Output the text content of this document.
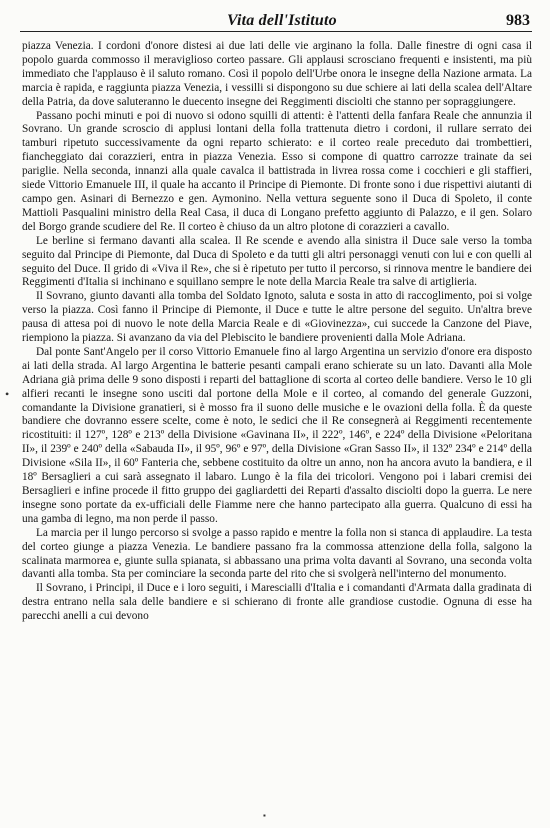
Vita dell'Istituto	983
•

piazza Venezia. I cordoni d'onore distesi ai due lati delle vie arginano la folla. Dalle finestre di ogni casa il popolo guarda commosso il meraviglioso corteo passare. Gli applausi scrosciano frequenti e insistenti, ma più immediato che l'applauso è il saluto romano. Così il popolo dell'Urbe onora le insegne della Nazione armata. La marcia è rapida, e raggiunta piazza Venezia, i vessilli si dispongono su due schiere ai lati della scalea dell'Altare della Patria, da dove saluteranno le duecento insegne dei Reggimenti disciolti che stanno per sopraggiungere.

Passano pochi minuti e poi di nuovo si odono squilli di attenti: è l'attenti della fanfara Reale che annunzia il Sovrano. Un grande scroscio di applusi lontani della folla trattenuta dietro i cordoni, il rullare serrato dei tamburi ripetuto successivamente da ogni reparto schierato: e il corteo reale preceduto dai trombettieri, fiancheggiato dai corazzieri, entra in piazza Venezia. Esso si compone di quattro carrozze trainate da sei pariglie. Nella seconda, innanzi alla quale cavalca il battistrada in livrea rossa come i cocchieri e gli staffieri, siede Vittorio Emanuele III, il quale ha accanto il Principe di Piemonte. Di fronte sono i due rispettivi aiutanti di campo gen. Asinari di Bernezzo e gen. Aymonino. Nella vettura seguente sono il Duca di Spoleto, il conte Mattioli Pasqualini ministro della Real Casa, il duca di Longano prefetto aggiunto di Palazzo, e il gen. Solaro del Borgo grande scudiere del Re. Il corteo è chiuso da un altro plotone di corazzieri a cavallo.

Le berline si fermano davanti alla scalea. Il Re scende e avendo alla sinistra il Duce sale verso la tomba seguito dal Principe di Piemonte, dal Duca di Spoleto e da tutti gli altri personaggi venuti con lui e con quelli al seguito del Duce. Il grido di «Viva il Re», che si è ripetuto per tutto il percorso, si rinnova mentre le bandiere dei Reggimenti d'Italia si inchinano e squillano sempre le note della Marcia Reale tra salve di artiglieria.

Il Sovrano, giunto davanti alla tomba del Soldato Ignoto, saluta e sosta in atto di raccoglimento, poi si volge verso la piazza. Così fanno il Principe di Piemonte, il Duce e tutte le altre persone del seguito. Un'altra breve pausa di attesa poi di nuovo le note della Marcia Reale e di «Giovinezza», cui succede la Canzone del Piave, riempiono la piazza. Si avanzano da via del Plebiscito le bandiere provenienti dalla Mole Adriana.

Dal ponte Sant'Angelo per il corso Vittorio Emanuele fino al largo Argentina un servizio d'onore era disposto ai lati della strada. Al largo Argentina le batterie pesanti campali erano schierate su un lato. Davanti alla Mole Adriana già prima delle 9 sono disposti i reparti del battaglione di scorta al corteo delle bandiere. Verso le 10 gli alfieri recanti le insegne sono usciti dal portone della Mole e il corteo, al comando del generale Guzzoni, comandante la Divisione granatieri, si è mosso fra il suono delle musiche e le ovazioni della folla. È da queste bandiere che dovranno essere scelte, come è noto, le sedici che il Re consegnerà ai Reggimenti recentemente ricostituiti: il 127º, 128º e 213º della Divisione «Gavinana II», il 222º, 146º, e 224º della Divisione «Peloritana II», il 239º e 240º della «Sabauda II», il 95º, 96º e 97º, della Divisione «Gran Sasso II», il 132º 234º e 214º della Divisione «Sila II», il 60º Fanteria che, sebbene costituito da oltre un anno, non ha ancora avuto la bandiera, e il 18º Bersaglieri a cui sarà assegnato il labaro. Lungo è la fila dei tricolori. Vengono poi i labari cremisi dei Bersaglieri e infine procede il fitto gruppo dei gagliardetti dei Reparti d'assalto disciolti dopo la guerra. Le nere insegne sono portate da ex-ufficiali delle Fiamme nere che hanno partecipato alla guerra. Qualcuno di essi ha una gamba di legno, ma non perde il passo.

La marcia per il lungo percorso si svolge a passo rapido e mentre la folla non si stanca di applaudire. La testa del corteo giunge a piazza Venezia. Le bandiere passano fra la commossa attenzione della folla, salgono la scalinata marmorea e, giunte sulla spianata, si abbassano una prima volta davanti al Sovrano, una seconda volta davanti alla tomba. Sta per cominciare la seconda parte del rito che si svolgerà nell'interno del monumento.

Il Sovrano, i Principi, il Duce e i loro seguiti, i Marescialli d'Italia e i comandanti d'Armata dalla gradinata di destra entrano nella sala delle bandiere e si schierano di fronte alle grandiose custodie. Ognuna di esse ha parecchi anelli a cui devono

▪
